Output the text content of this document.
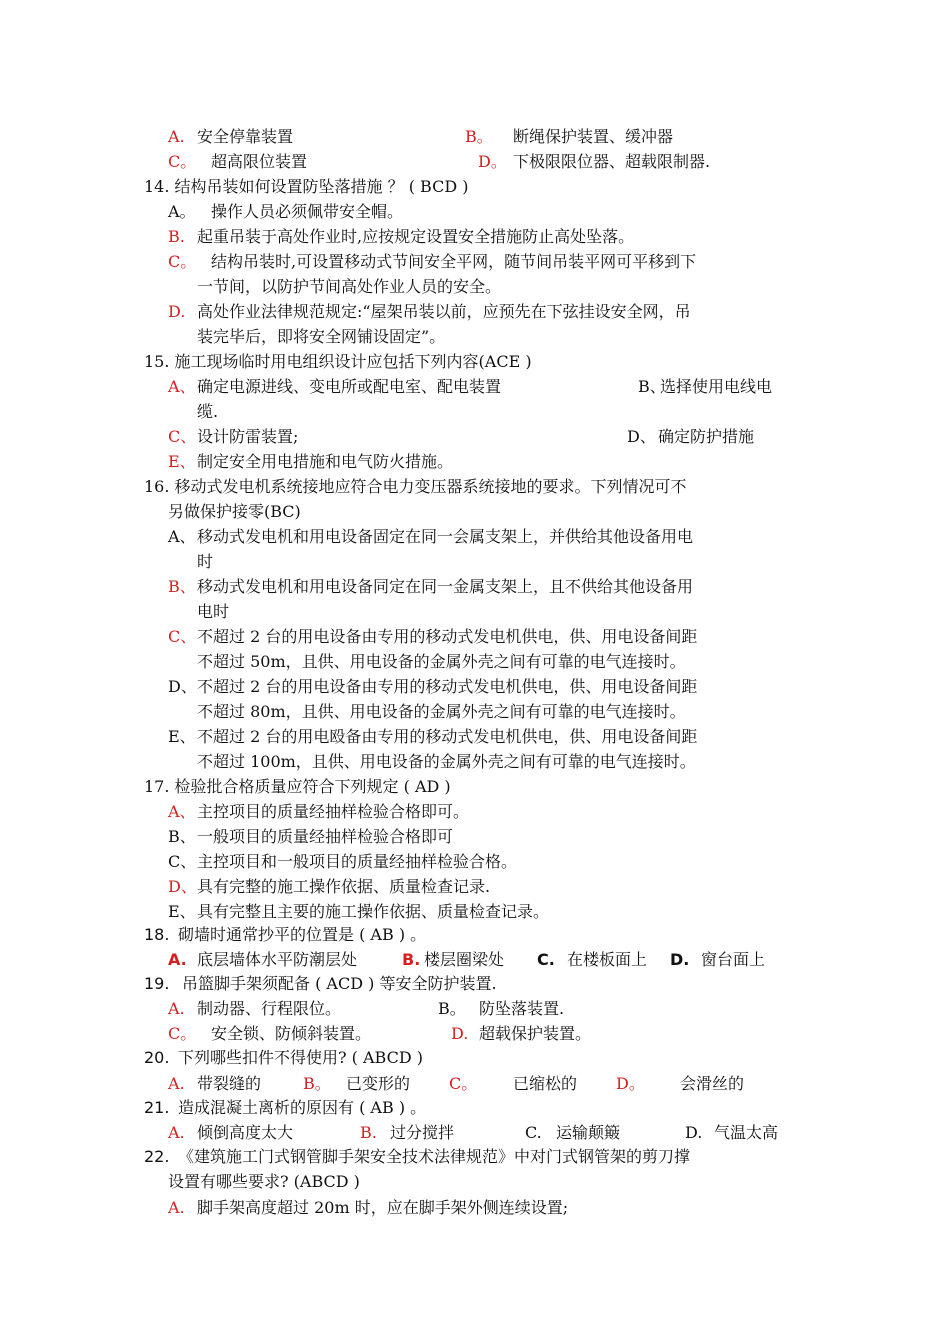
A. 安全停靠装置	B。 断绳保护装置、缓冲器
C。 超高限位装置	D。 下极限限位器、超载限制器.
14. 结构吊装如何设置防坠落措施 ？ ( BCD )
A。 操作人员必须佩带安全帽。
B. 起重吊装于高处作业时,应按规定设置安全措施防止高处坠落。
C。 结构吊装时,可设置移动式节间安全平网，随节间吊装平网可平移到下
一节间，以防护节间高处作业人员的安全。
D. 高处作业法律规范规定:“屋架吊装以前，应预先在下弦挂设安全网，吊
装完毕后，即将安全网铺设固定”。
15. 施工现场临时用电组织设计应包括下列内容(ACE )
A、 确定电源进线、变电所或配电室、配电装置	B、
选择使用电线电
缆.
C、 设计防雷装置;	D、 确定防护措施
E、 制定安全用电措施和电气防火措施。
16. 移动式发电机系统接地应符合电力变压器系统接地的要求。下列情况可不
另做保护接零(BC)
A、 移动式发电机和用电设备固定在同一会属支架上，并供给其他设备用电
时
B、 移动式发电机和用电设备同定在同一金属支架上，且不供给其他设备用
电时
C、 不超过 2 台的用电设备由专用的移动式发电机供电，供、用电设备间距
不超过 50m，且供、用电设备的金属外壳之间有可靠的电气连接时。
D、 不超过 2 台的用电设备由专用的移动式发电机供电，供、用电设备间距
不超过 80m，且供、用电设备的金属外壳之间有可靠的电气连接时。
E、 不超过 2 台的用电殴备由专用的移动式发电机供电，供、用电设备间距
不超过 100m，且供、用电设备的金属外壳之间有可靠的电气连接时。
17. 检验批合格质量应符合下列规定 ( AD )
A、 主控项目的质量经抽样检验合格即可。
B、 一般项目的质量经抽样检验合格即可
C、 主控项目和一般项目的质量经抽样检验合格。
D、 具有完整的施工操作依据、质量检查记录.
E、 具有完整且主要的施工操作依据、质量检查记录。
18. 砌墙时通常抄平的位置是 ( AB ) 。
A. 底层墙体水平防潮层处	B. 楼层圈梁处 C. 在楼板面上 D. 窗台面上
19. 吊篮脚手架须配备 ( ACD ) 等安全防护装置.
A. 制动器、行程限位。	B。 防坠落装置.
C。 安全锁、防倾斜装置。	D. 超载保护装置。
20. 下列哪些扣件不得使用? ( ABCD )
A. 带裂缝的	B。 已变形的 C。 已缩松的 D。 会滑丝的
21. 造成混凝土离析的原因有 ( AB ) 。
A. 倾倒高度太大	B. 过分搅拌	C. 运输颠簸	D. 气温太高
22. 《建筑施工门式钢管脚手架安全技术法律规范》中对门式钢管架的剪刀撑
设置有哪些要求? (ABCD )
A. 脚手架高度超过 20m 时，应在脚手架外侧连续设置;
